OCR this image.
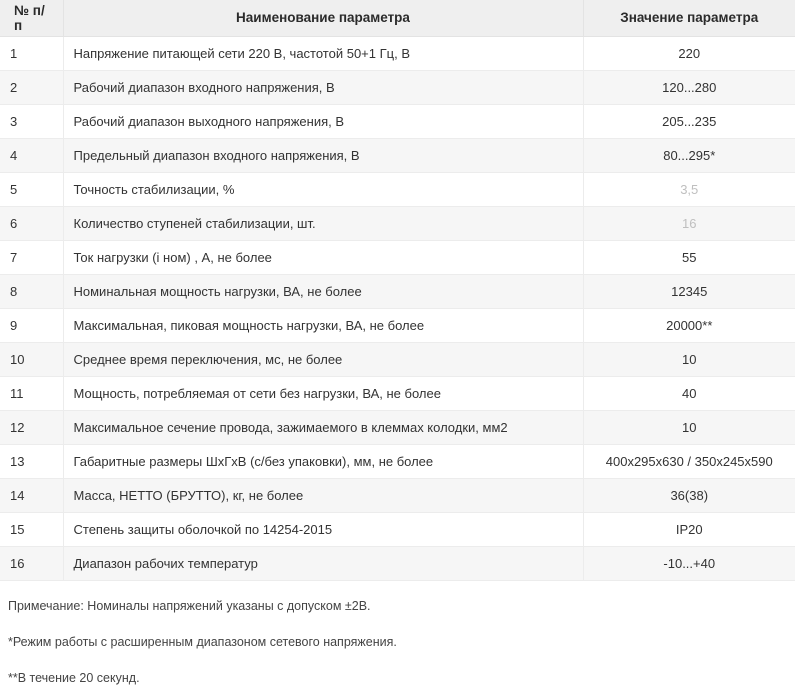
№ п/п	Наименование параметра	Значение параметра
1	Напряжение питающей сети 220 В, частотой 50+1 Гц, В	220
2	Рабочий диапазон входного напряжения, В	120...280
3	Рабочий диапазон выходного напряжения, В	205...235
4	Предельный диапазон входного напряжения, В	80...295*
5	Точность стабилизации, %	3,5
6	Количество ступеней стабилизации, шт.	16
7	Ток нагрузки (i ном) , А, не более	55
8	Номинальная мощность нагрузки, ВА, не более	12345
9	Максимальная, пиковая мощность нагрузки, ВА, не более	20000**
10	Среднее время переключения, мс, не более	10
11	Мощность, потребляемая от сети без нагрузки, ВА, не более	40
12	Максимальное сечение провода, зажимаемого в клеммах колодки, мм2	10
13	Габаритные размеры ШхГхВ (с/без упаковки), мм, не более	400x295x630 / 350x245x590
14	Масса, НЕТТО (БРУТТО), кг, не более	36(38)
15	Степень защиты оболочкой по 14254-2015	IP20
16	Диапазон рабочих температур	-10...+40

Примечание: Номиналы напряжений указаны с допуском ±2В.

*Режим работы с расширенным диапазоном сетевого напряжения.

**В течение 20 секунд.
